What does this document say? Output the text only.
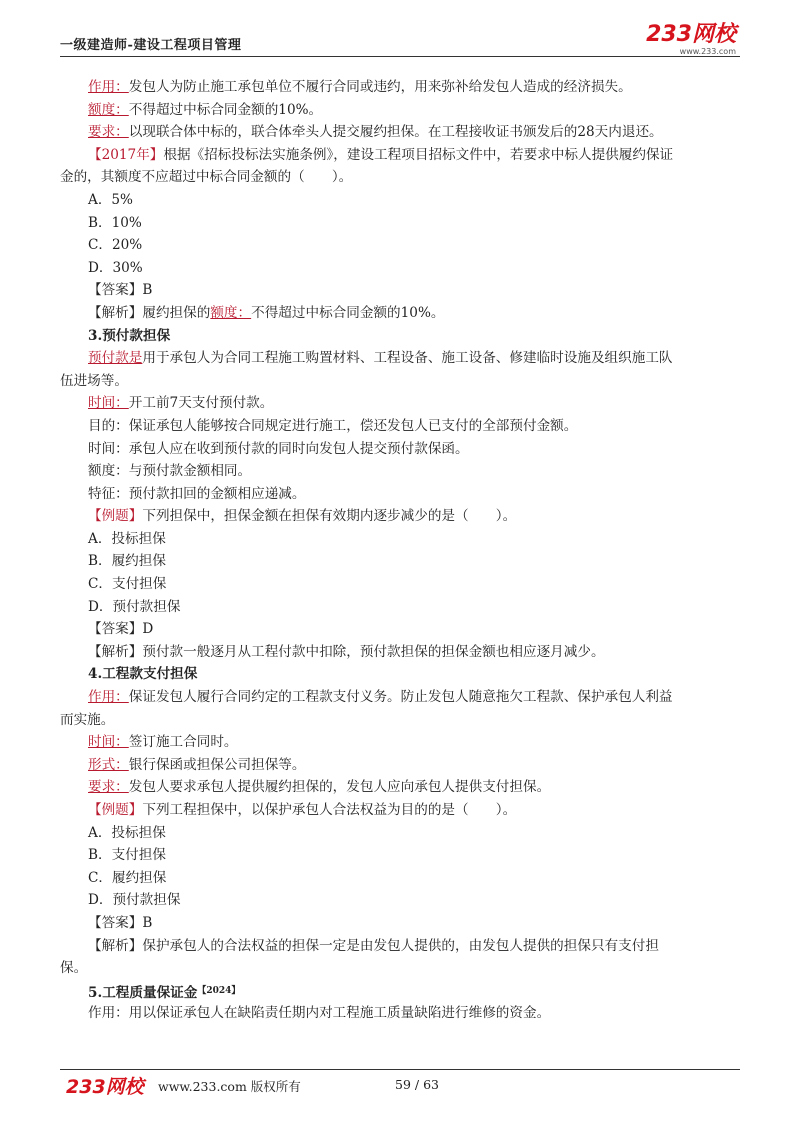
一级建造师-建设工程项目管理	233网校
www.233.com
作用：发包人为防止施工承包单位不履行合同或违约，用来弥补给发包人造成的经济损失。
额度：不得超过中标合同金额的10%。
要求：以现联合体中标的，联合体牵头人提交履约担保。在工程接收证书颁发后的28天内退还。
【2017年】根据《招标投标法实施条例》，建设工程项目招标文件中，若要求中标人提供履约保证
金的，其额度不应超过中标合同金额的（　　）。
A．5%
B．10%
C．20%
D．30%
【答案】B
【解析】履约担保的额度：不得超过中标合同金额的10%。
3.预付款担保
预付款是用于承包人为合同工程施工购置材料、工程设备、施工设备、修建临时设施及组织施工队
伍进场等。
时间：开工前7天支付预付款。
目的：保证承包人能够按合同规定进行施工，偿还发包人已支付的全部预付金额。
时间：承包人应在收到预付款的同时向发包人提交预付款保函。
额度：与预付款金额相同。
特征：预付款扣回的金额相应递减。
【例题】下列担保中，担保金额在担保有效期内逐步减少的是（　　）。
A．投标担保
B．履约担保
C．支付担保
D．预付款担保
【答案】D
【解析】预付款一般逐月从工程付款中扣除，预付款担保的担保金额也相应逐月减少。
4.工程款支付担保
作用：保证发包人履行合同约定的工程款支付义务。防止发包人随意拖欠工程款、保护承包人利益
而实施。
时间：签订施工合同时。
形式：银行保函或担保公司担保等。
要求：发包人要求承包人提供履约担保的，发包人应向承包人提供支付担保。
【例题】下列工程担保中，以保护承包人合法权益为目的的是（　　）。
A．投标担保
B．支付担保
C．履约担保
D．预付款担保
【答案】B
【解析】保护承包人的合法权益的担保一定是由发包人提供的，由发包人提供的担保只有支付担
保。
5.工程质量保证金$^{【2024】}$
作用：用以保证承包人在缺陷责任期内对工程施工质量缺陷进行维修的资金。
233网校 www.233.com 版权所有	59 / 63
